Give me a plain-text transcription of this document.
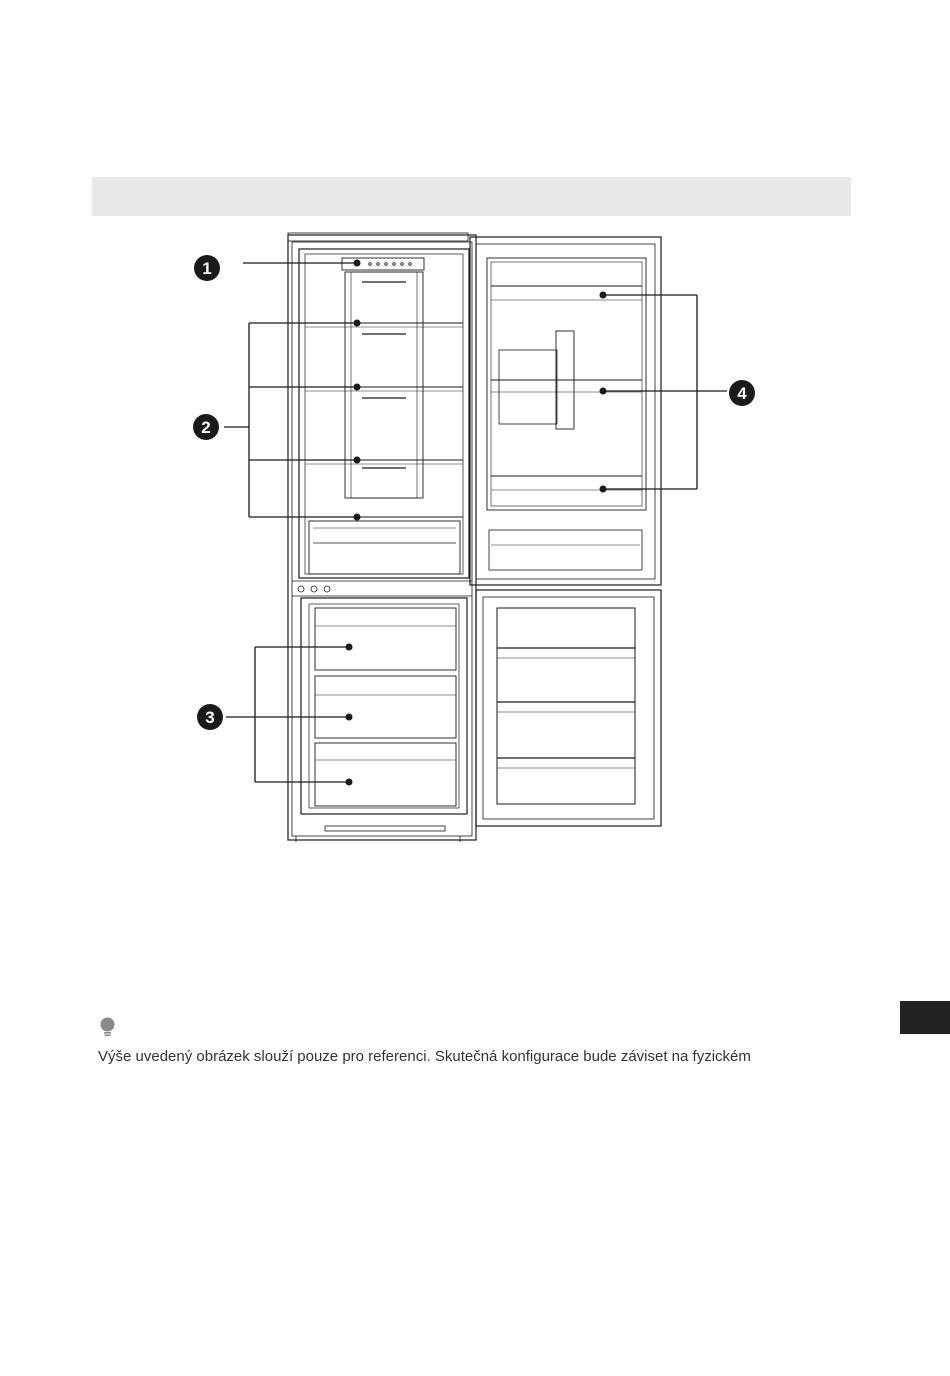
1
2
3
4
Výše uvedený obrázek slouží pouze pro referenci. Skutečná konfigurace bude záviset na fyzickém
